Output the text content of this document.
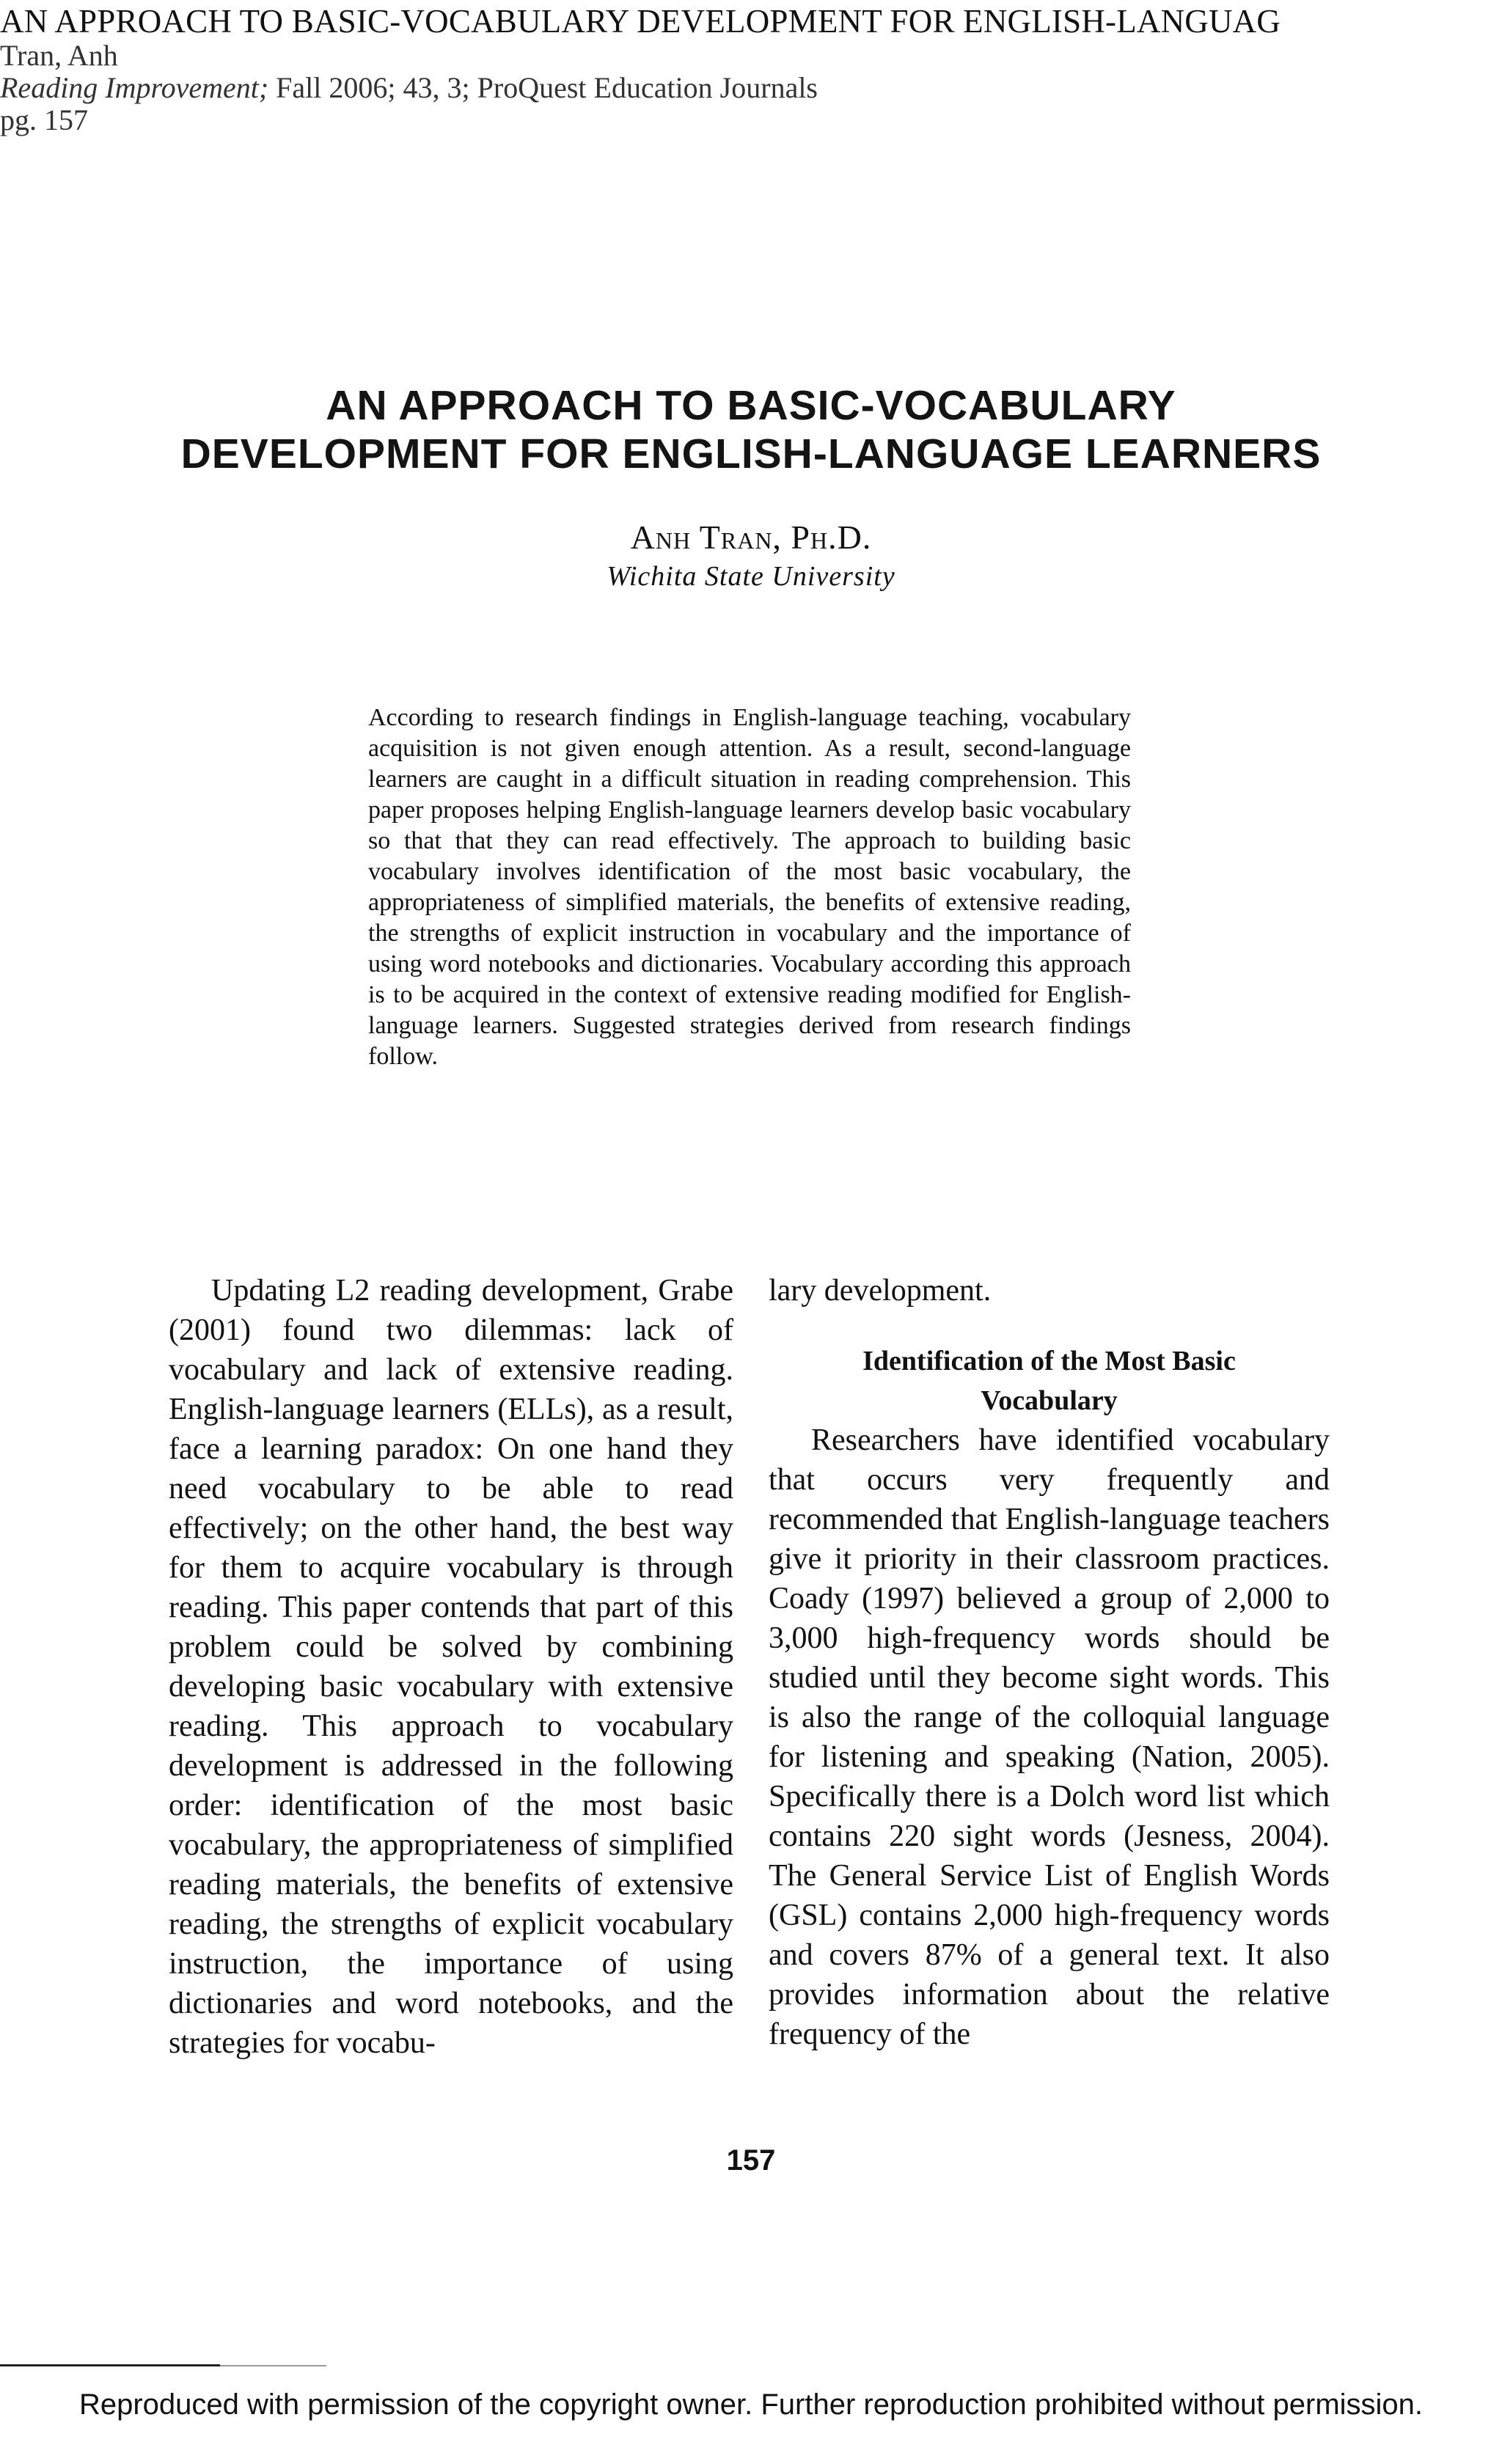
AN APPROACH TO BASIC-VOCABULARY DEVELOPMENT FOR ENGLISH-LANGUAG
Tran, Anh
Reading Improvement; Fall 2006; 43, 3; ProQuest Education Journals
pg. 157
AN APPROACH TO BASIC-VOCABULARY
DEVELOPMENT FOR ENGLISH-LANGUAGE LEARNERS
Anh Tran, Ph.D.
Wichita State University
According to research findings in English-language teaching, vocabulary acquisition is not given enough attention. As a result, second-language learners are caught in a difficult situation in reading comprehension. This paper proposes helping English-language learners develop basic vocabulary so that that they can read effectively. The approach to building basic vocabulary involves identification of the most basic vocabulary, the appropriateness of simplified materials, the benefits of extensive reading, the strengths of explicit instruction in vocabulary and the importance of using word notebooks and dictionaries. Vocabulary according this approach is to be acquired in the context of extensive reading modified for English-language learners. Suggested strategies derived from research findings follow.

Updating L2 reading development, Grabe (2001) found two dilemmas: lack of vocabulary and lack of extensive reading. English-language learners (ELLs), as a result, face a learning paradox: On one hand they need vocabulary to be able to read effectively; on the other hand, the best way for them to acquire vocabulary is through reading. This paper contends that part of this problem could be solved by combining developing basic vocabulary with extensive reading. This approach to vocabulary development is addressed in the following order: identification of the most basic vocabulary, the appropriateness of simplified reading materials, the benefits of extensive reading, the strengths of explicit vocabulary instruction, the importance of using dictionaries and word notebooks, and the strategies for vocabu-

lary development.

Identification of the Most Basic
Vocabulary

Researchers have identified vocabulary that occurs very frequently and recommended that English-language teachers give it priority in their classroom practices. Coady (1997) believed a group of 2,000 to 3,000 high-frequency words should be studied until they become sight words. This is also the range of the colloquial language for listening and speaking (Nation, 2005). Specifically there is a Dolch word list which contains 220 sight words (Jesness, 2004). The General Service List of English Words (GSL) contains 2,000 high-frequency words and covers 87% of a general text. It also provides information about the relative frequency of the

157
Reproduced with permission of the copyright owner. Further reproduction prohibited without permission.
